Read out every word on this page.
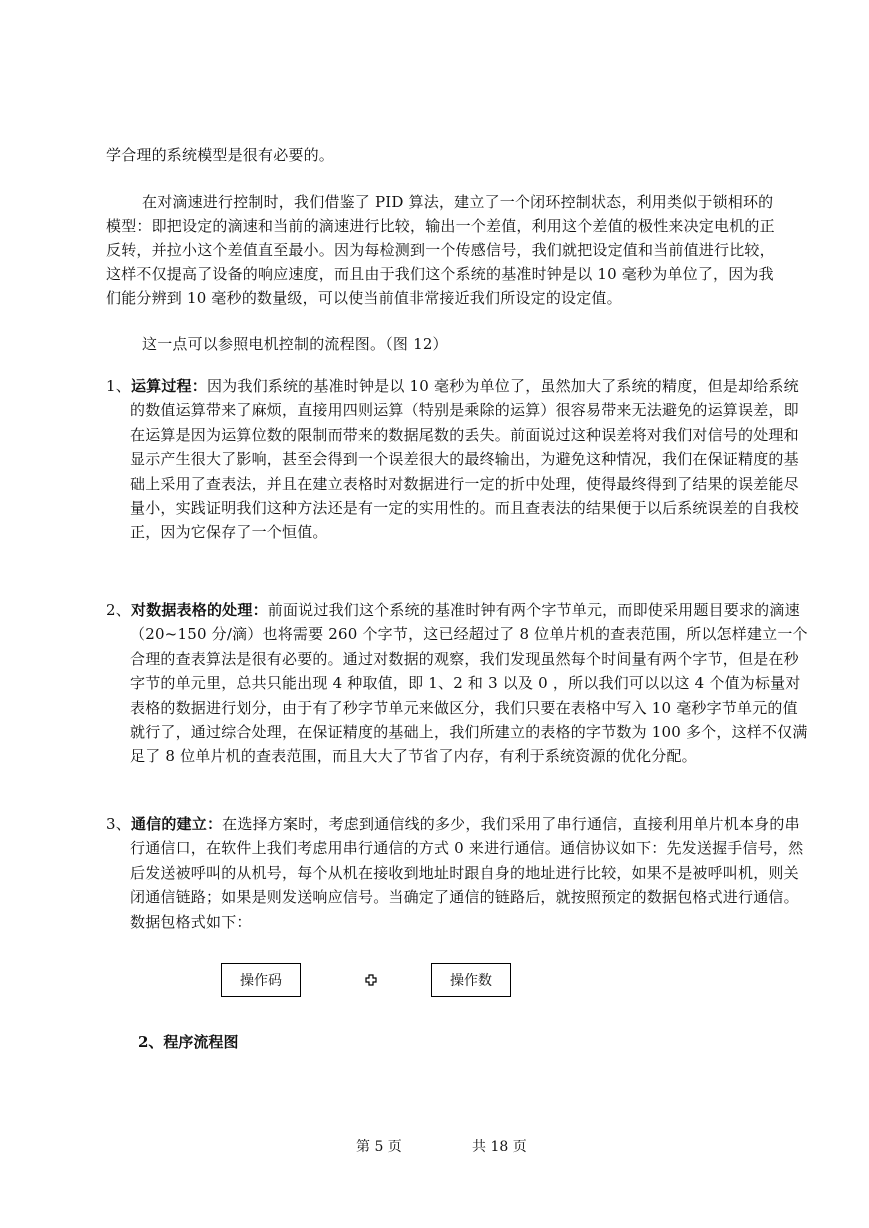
学合理的系统模型是很有必要的。

在对滴速进行控制时，我们借鉴了 PID 算法，建立了一个闭环控制状态，利用类似于锁相环的模型：即把设定的滴速和当前的滴速进行比较，输出一个差值，利用这个差值的极性来决定电机的正反转，并拉小这个差值直至最小。因为每检测到一个传感信号，我们就把设定值和当前值进行比较，这样不仅提高了设备的响应速度，而且由于我们这个系统的基准时钟是以 10 毫秒为单位了，因为我们能分辨到 10 毫秒的数量级，可以使当前值非常接近我们所设定的设定值。

这一点可以参照电机控制的流程图。（图 12）

1、运算过程：因为我们系统的基准时钟是以 10 毫秒为单位了，虽然加大了系统的精度，但是却给系统的数值运算带来了麻烦，直接用四则运算（特别是乘除的运算）很容易带来无法避免的运算误差，即在运算是因为运算位数的限制而带来的数据尾数的丢失。前面说过这种误差将对我们对信号的处理和显示产生很大了影响，甚至会得到一个误差很大的最终输出，为避免这种情况，我们在保证精度的基础上采用了查表法，并且在建立表格时对数据进行一定的折中处理，使得最终得到了结果的误差能尽量小，实践证明我们这种方法还是有一定的实用性的。而且查表法的结果便于以后系统误差的自我校正，因为它保存了一个恒值。
2、对数据表格的处理：前面说过我们这个系统的基准时钟有两个字节单元，而即使采用题目要求的滴速（20~150 分/滴）也将需要 260 个字节，这已经超过了 8 位单片机的查表范围，所以怎样建立一个合理的查表算法是很有必要的。通过对数据的观察，我们发现虽然每个时间量有两个字节，但是在秒字节的单元里，总共只能出现 4 种取值，即 1、2 和 3 以及 0 ，所以我们可以以这 4 个值为标量对表格的数据进行划分，由于有了秒字节单元来做区分，我们只要在表格中写入 10 毫秒字节单元的值就行了，通过综合处理，在保证精度的基础上，我们所建立的表格的字节数为 100 多个，这样不仅满足了 8 位单片机的查表范围，而且大大了节省了内存，有利于系统资源的优化分配。
3、通信的建立：在选择方案时，考虑到通信线的多少，我们采用了串行通信，直接利用单片机本身的串行通信口，在软件上我们考虑用串行通信的方式 0 来进行通信。通信协议如下：先发送握手信号，然后发送被呼叫的从机号，每个从机在接收到地址时跟自身的地址进行比较，如果不是被呼叫机，则关闭通信链路；如果是则发送响应信号。当确定了通信的链路后，就按照预定的数据包格式进行通信。数据包格式如下：
操作码	操作数

2、程序流程图

第 5 页	共 18 页
